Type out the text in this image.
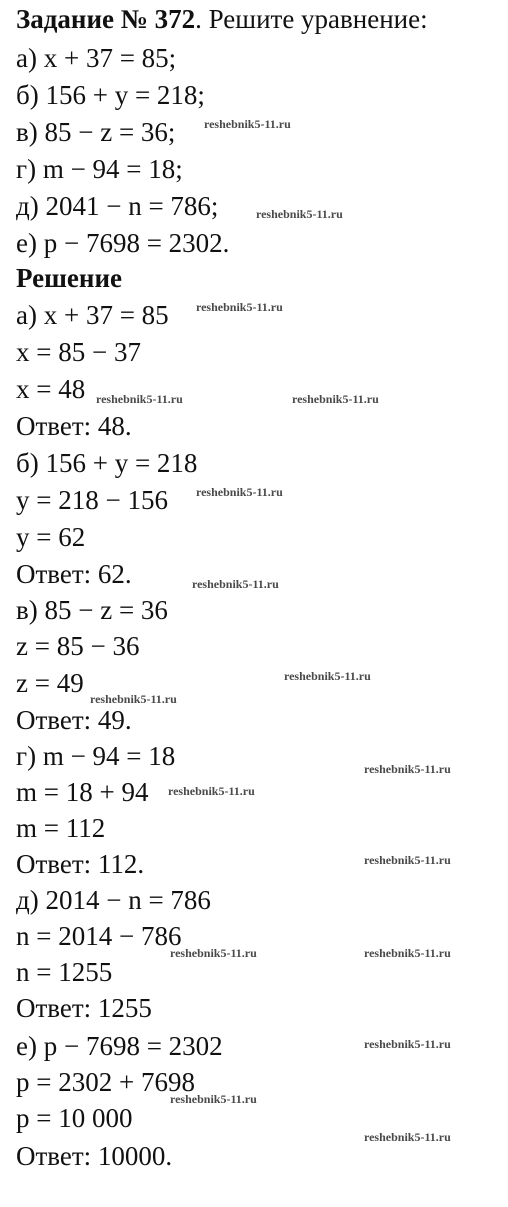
Задание № 372. Решите уравнение:
а) x + 37 = 85;
б) 156 + y = 218;
в) 85 − z = 36;
г) m − 94 = 18;
д) 2041 − n = 786;
е) p − 7698 = 2302.
Решение
а) x + 37 = 85
x = 85 − 37
x = 48
Ответ: 48.
б) 156 + y = 218
y = 218 − 156
y = 62
Ответ: 62.
в) 85 − z = 36
z = 85 − 36
z = 49
Ответ: 49.
г) m − 94 = 18
m = 18 + 94
m = 112
Ответ: 112.
д) 2014 − n = 786
n = 2014 − 786
n = 1255
Ответ: 1255
е) p − 7698 = 2302
p = 2302 + 7698
p = 10 000
Ответ: 10000.
reshebnik5-11.ru
reshebnik5-11.ru
reshebnik5-11.ru
reshebnik5-11.ru	reshebnik5-11.ru
reshebnik5-11.ru
reshebnik5-11.ru
reshebnik5-11.ru
reshebnik5-11.ru
reshebnik5-11.ru
reshebnik5-11.ru
reshebnik5-11.ru
reshebnik5-11.ru	reshebnik5-11.ru
reshebnik5-11.ru
reshebnik5-11.ru
reshebnik5-11.ru
